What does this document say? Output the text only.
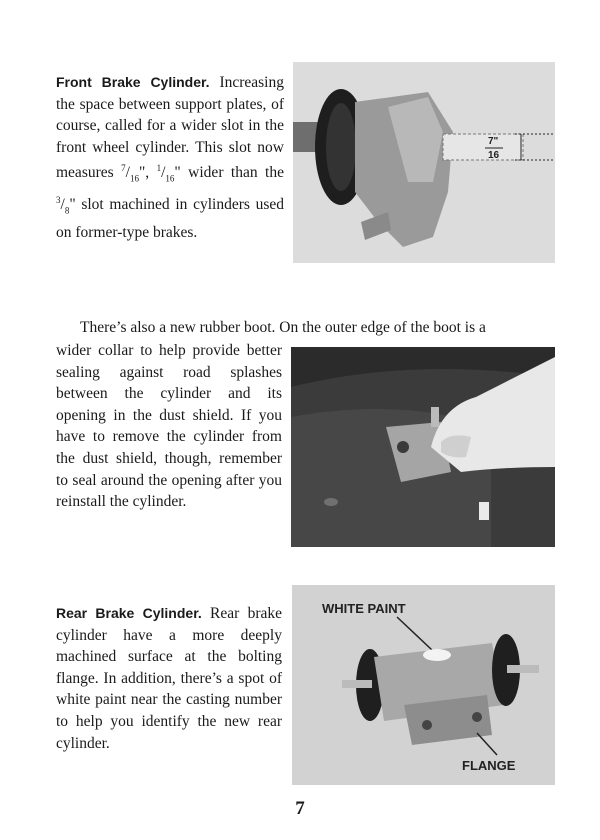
Front Brake Cylinder. Increasing the space between support plates, of course, called for a wider slot in the front wheel cylinder. This slot now measures $^7/_{16}$", $^1/_{16}$" wider than the $^3/_8$" slot machined in cylinders used on former-type brakes.
7"
16
There’s also a new rubber boot. On the outer edge of the boot is a
wider collar to help provide better sealing against road splashes between the cylinder and its opening in the dust shield. If you have to remove the cylinder from the dust shield, though, remember to seal around the opening after you reinstall the cylinder.
Rear Brake Cylinder. Rear brake cylinder have a more deeply machined surface at the bolting flange. In addition, there’s a spot of white paint near the casting number to help you identify the new rear cylinder.
WHITE PAINT
FLANGE
7
